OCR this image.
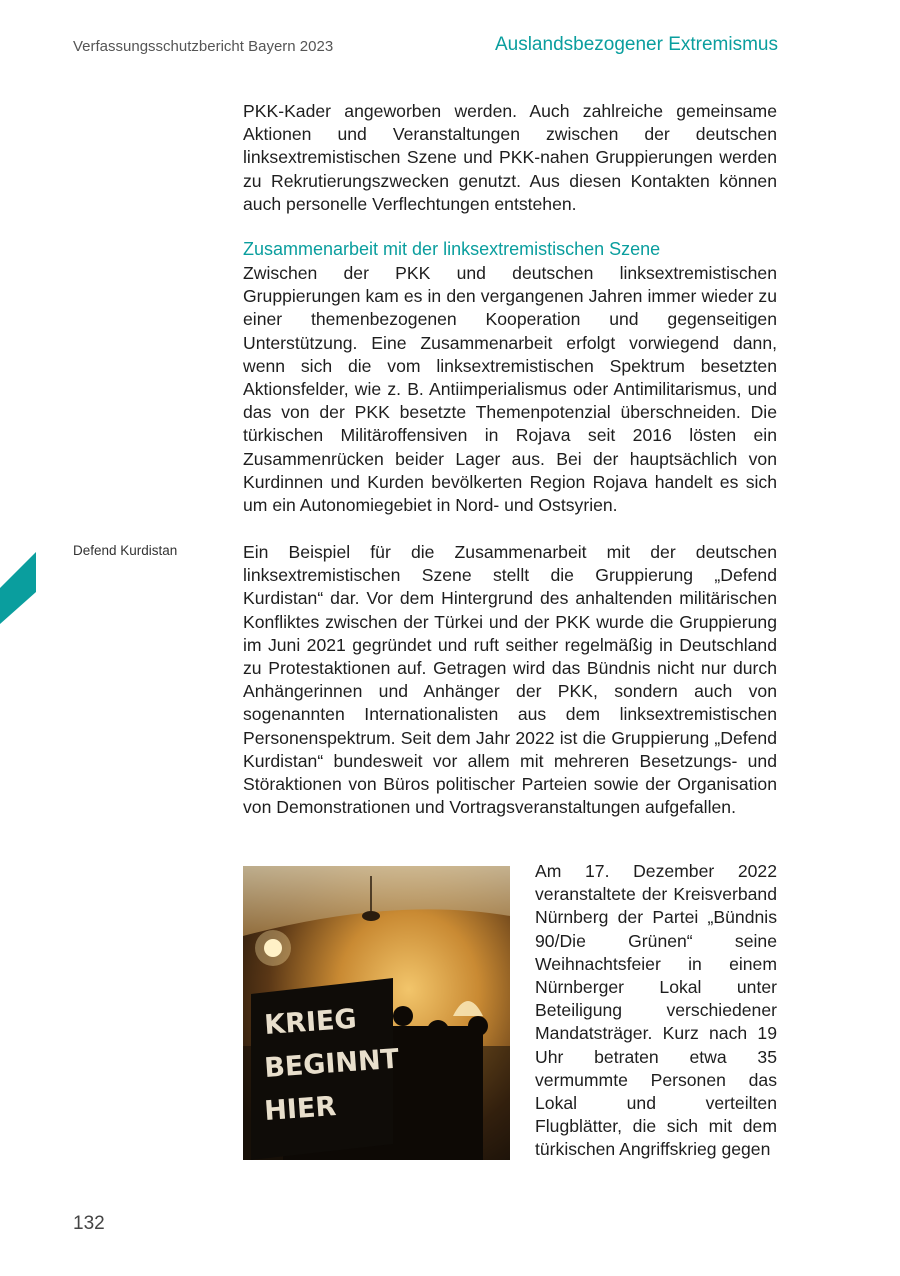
Verfassungsschutzbericht Bayern 2023	Auslandsbezogener Extremismus

PKK-Kader angeworben werden. Auch zahlreiche gemeinsame Aktionen und Veranstaltungen zwischen der deutschen linksextremistischen Szene und PKK-nahen Gruppierungen werden zu Rekrutierungszwecken genutzt. Aus diesen Kontakten können auch personelle Verflechtungen entstehen.

Zusammenarbeit mit der linksextremistischen Szene

Zwischen der PKK und deutschen linksextremistischen Gruppierungen kam es in den vergangenen Jahren immer wieder zu einer themenbezogenen Kooperation und gegenseitigen Unterstützung. Eine Zusammenarbeit erfolgt vorwiegend dann, wenn sich die vom linksextremistischen Spektrum besetzten Aktionsfelder, wie z. B. Antiimperialismus oder Antimilitarismus, und das von der PKK besetzte Themenpotenzial überschneiden. Die türkischen Militäroffensiven in Rojava seit 2016 lösten ein Zusammenrücken beider Lager aus. Bei der hauptsächlich von Kurdinnen und Kurden bevölkerten Region Rojava handelt es sich um ein Autonomiegebiet in Nord- und Ostsyrien.

Defend Kurdistan	Ein Beispiel für die Zusammenarbeit mit der deutschen linksextremistischen Szene stellt die Gruppierung „Defend Kurdistan“ dar. Vor dem Hintergrund des anhaltenden militärischen Konfliktes zwischen der Türkei und der PKK wurde die Gruppierung im Juni 2021 gegründet und ruft seither regelmäßig in Deutschland zu Protestaktionen auf. Getragen wird das Bündnis nicht nur durch Anhängerinnen und Anhänger der PKK, sondern auch von sogenannten Internationalisten aus dem linksextremistischen Personenspektrum. Seit dem Jahr 2022 ist die Gruppierung „Defend Kurdistan“ bundesweit vor allem mit mehreren Besetzungs- und Störaktionen von Büros politischer Parteien sowie der Organisation von Demonstrationen und Vortragsveranstaltungen aufgefallen.

KRIEG
BEGINNT
HIER

Am 17. Dezember 2022 veranstaltete der Kreisverband Nürnberg der Partei „Bündnis 90/Die Grünen“ seine Weihnachtsfeier in einem Nürnberger Lokal unter Beteiligung verschiedener Mandatsträger. Kurz nach 19 Uhr betraten etwa 35 vermummte Personen das Lokal und verteilten Flugblätter, die sich mit dem türkischen Angriffskrieg gegen

132
